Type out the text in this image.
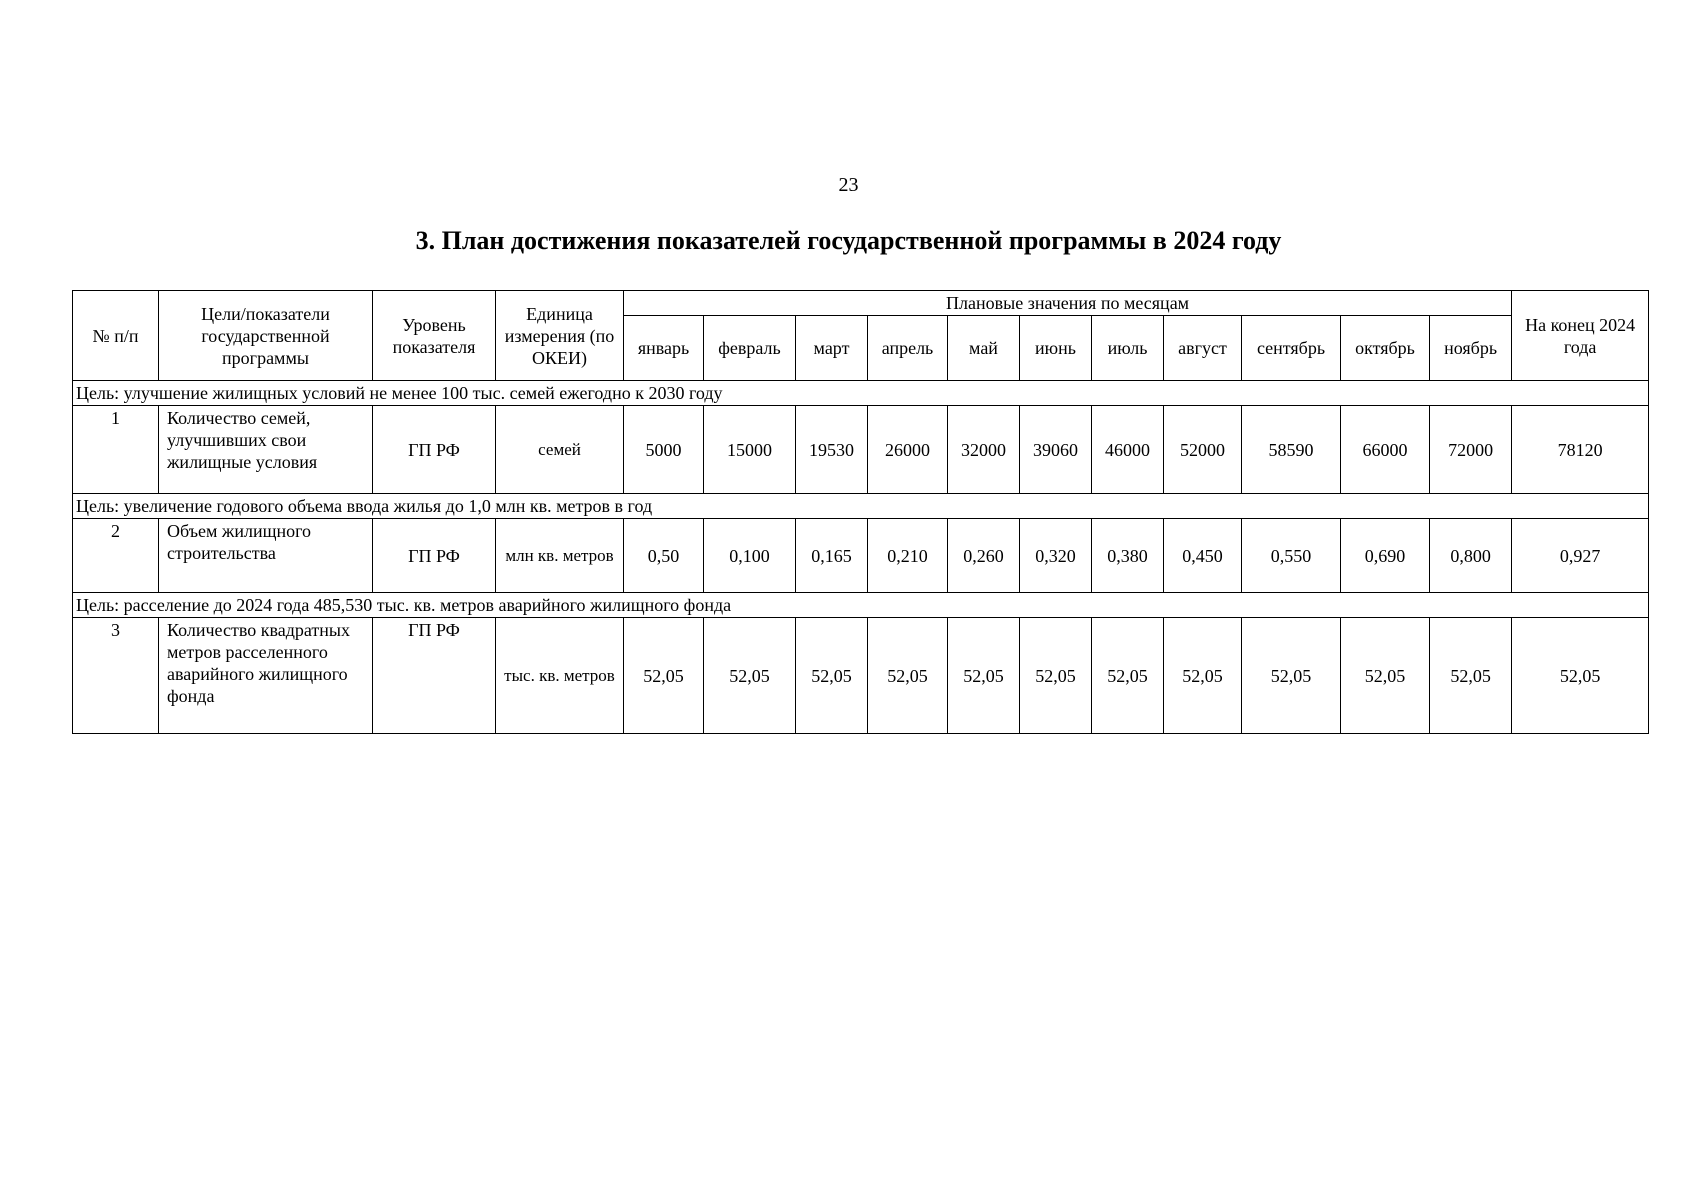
23
3. План достижения показателей государственной программы в 2024 году
№ п/п	Цели/показатели государственной программы	Уровень показателя	Единица измерения (по ОКЕИ)	Плановые значения по месяцам											На конец 2024 года
				январь	февраль	март	апрель	май	июнь	июль	август	сентябрь	октябрь	ноябрь	
Цель: улучшение жилищных условий не менее 100 тыс. семей ежегодно к 2030 году															
1	Количество семей, улучшивших свои жилищные условия	ГП РФ	семей	5000	15000	19530	26000	32000	39060	46000	52000	58590	66000	72000	78120
Цель: увеличение годового объема ввода жилья до 1,0 млн кв. метров в год															
2	Объем жилищного строительства	ГП РФ	млн кв. метров	0,50	0,100	0,165	0,210	0,260	0,320	0,380	0,450	0,550	0,690	0,800	0,927
Цель: расселение до 2024 года 485,530 тыс. кв. метров аварийного жилищного фонда															
3	Количество квадратных метров расселенного аварийного жилищного фонда	ГП РФ	тыс. кв. метров	52,05	52,05	52,05	52,05	52,05	52,05	52,05	52,05	52,05	52,05	52,05	52,05
